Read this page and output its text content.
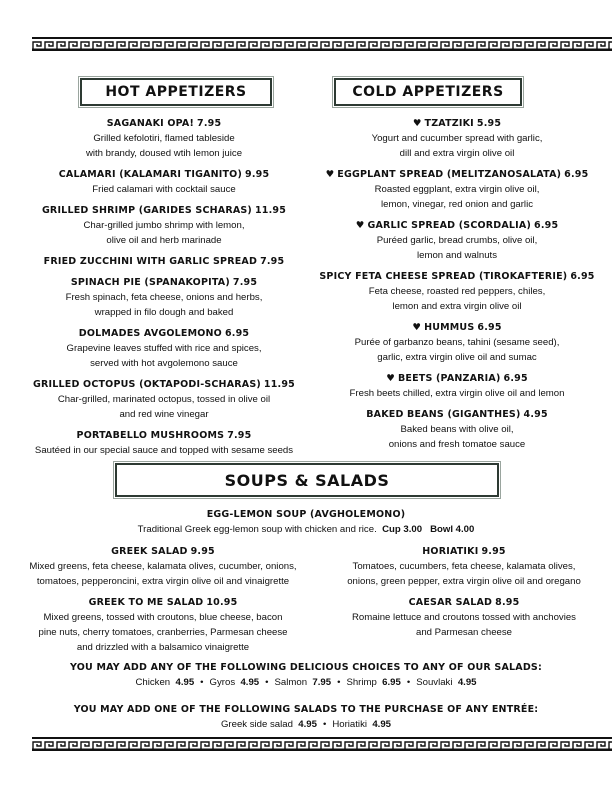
HOT APPETIZERS	COLD APPETIZERS
SAGANAKI OPA! 7.95
Grilled kefolotiri, flamed tableside
with brandy, doused wtih lemon juice
CALAMARI (KALAMARI TIGANITO) 9.95
Fried calamari with cocktail sauce
GRILLED SHRIMP (GARIDES SCHARAS) 11.95
Char-grilled jumbo shrimp with lemon,
olive oil and herb marinade
FRIED ZUCCHINI WITH GARLIC SPREAD 7.95
SPINACH PIE (SPANAKOPITA) 7.95
Fresh spinach, feta cheese, onions and herbs,
wrapped in filo dough and baked
DOLMADES AVGOLEMONO 6.95
Grapevine leaves stuffed with rice and spices,
served with hot avgolemono sauce
GRILLED OCTOPUS (OKTAPODI-SCHARAS) 11.95
Char-grilled, marinated octopus, tossed in olive oil
and red wine vinegar
PORTABELLO MUSHROOMS 7.95
Sautéed in our special sauce and topped with sesame seeds
♥ TZATZIKI 5.95
Yogurt and cucumber spread with garlic,
dill and extra virgin olive oil
♥ EGGPLANT SPREAD (MELITZANOSALATA) 6.95
Roasted eggplant, extra virgin olive oil,
lemon, vinegar, red onion and garlic
♥ GARLIC SPREAD (SCORDALIA) 6.95
Puréed garlic, bread crumbs, olive oil,
lemon and walnuts
SPICY FETA CHEESE SPREAD (TIROKAFTERIE) 6.95
Feta cheese, roasted red peppers, chiles,
lemon and extra virgin olive oil
♥ HUMMUS 6.95
Purée of garbanzo beans, tahini (sesame seed),
garlic, extra virgin olive oil and sumac
♥ BEETS (PANZARIA) 6.95
Fresh beets chilled, extra virgin olive oil and lemon
BAKED BEANS (GIGANTHES) 4.95
Baked beans with olive oil,
onions and fresh tomatoe sauce
SOUPS & SALADS
EGG-LEMON SOUP (AVGHOLEMONO)
Traditional Greek egg-lemon soup with chicken and rice. Cup 3.00 Bowl 4.00
GREEK SALAD 9.95
Mixed greens, feta cheese, kalamata olives, cucumber, onions,
tomatoes, pepperoncini, extra virgin olive oil and vinaigrette
GREEK TO ME SALAD 10.95
Mixed greens, tossed with croutons, blue cheese, bacon
pine nuts, cherry tomatoes, cranberries, Parmesan cheese
and drizzled with a balsamico vinaigrette
HORIATIKI 9.95
Tomatoes, cucumbers, feta cheese, kalamata olives,
onions, green pepper, extra virgin olive oil and oregano
CAESAR SALAD 8.95
Romaine lettuce and croutons tossed with anchovies
and Parmesan cheese
YOU MAY ADD ANY OF THE FOLLOWING DELICIOUS CHOICES TO ANY OF OUR SALADS:
Chicken 4.95 • Gyros 4.95 • Salmon 7.95 • Shrimp 6.95 • Souvlaki 4.95
YOU MAY ADD ONE OF THE FOLLOWING SALADS TO THE PURCHASE OF ANY ENTRÉE:
Greek side salad 4.95 • Horiatiki 4.95
